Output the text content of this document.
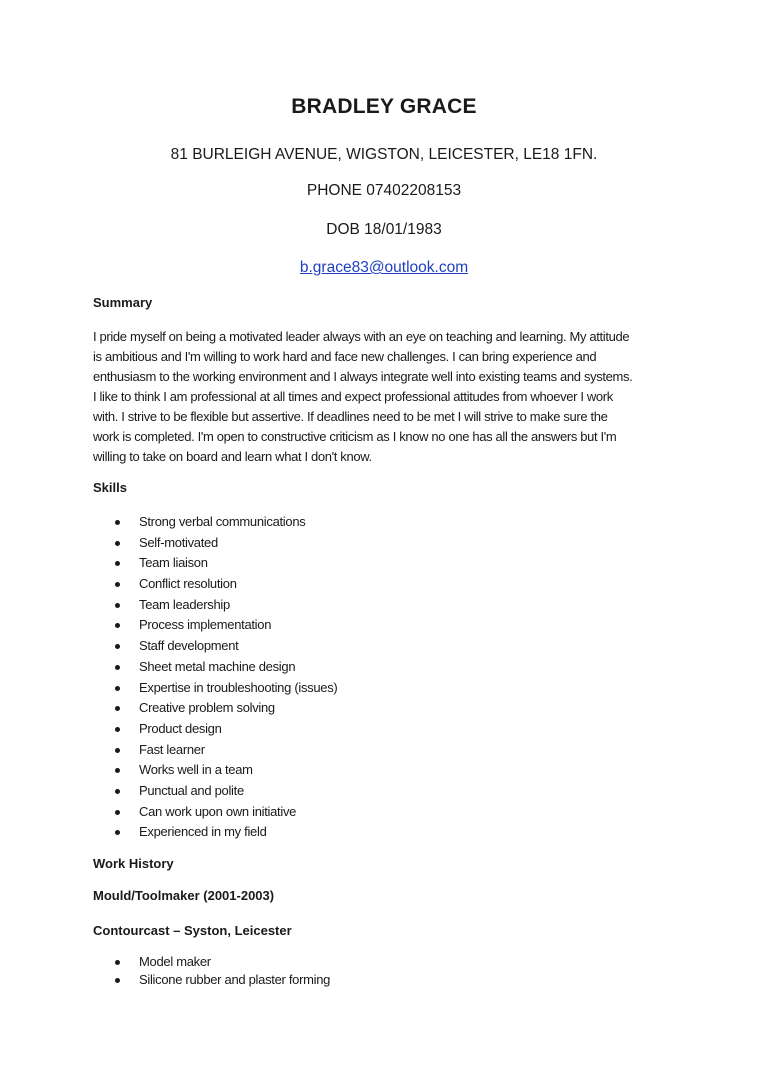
BRADLEY GRACE
81 BURLEIGH AVENUE, WIGSTON, LEICESTER, LE18 1FN.
PHONE 07402208153
DOB 18/01/1983
b.grace83@outlook.com
Summary
I pride myself on being a motivated leader always with an eye on teaching and learning. My attitude
is ambitious and I'm willing to work hard and face new challenges. I can bring experience and
enthusiasm to the working environment and I always integrate well into existing teams and systems.
I like to think I am professional at all times and expect professional attitudes from whoever I work
with. I strive to be flexible but assertive. If deadlines need to be met I will strive to make sure the
work is completed. I'm open to constructive criticism as I know no one has all the answers but I'm
willing to take on board and learn what I don't know.
Skills
Strong verbal communications
Self-motivated
Team liaison
Conflict resolution
Team leadership
Process implementation
Staff development
Sheet metal machine design
Expertise in troubleshooting (issues)
Creative problem solving
Product design
Fast learner
Works well in a team
Punctual and polite
Can work upon own initiative
Experienced in my field
Work History
Mould/Toolmaker (2001-2003)
Contourcast – Syston, Leicester
Model maker
Silicone rubber and plaster forming
